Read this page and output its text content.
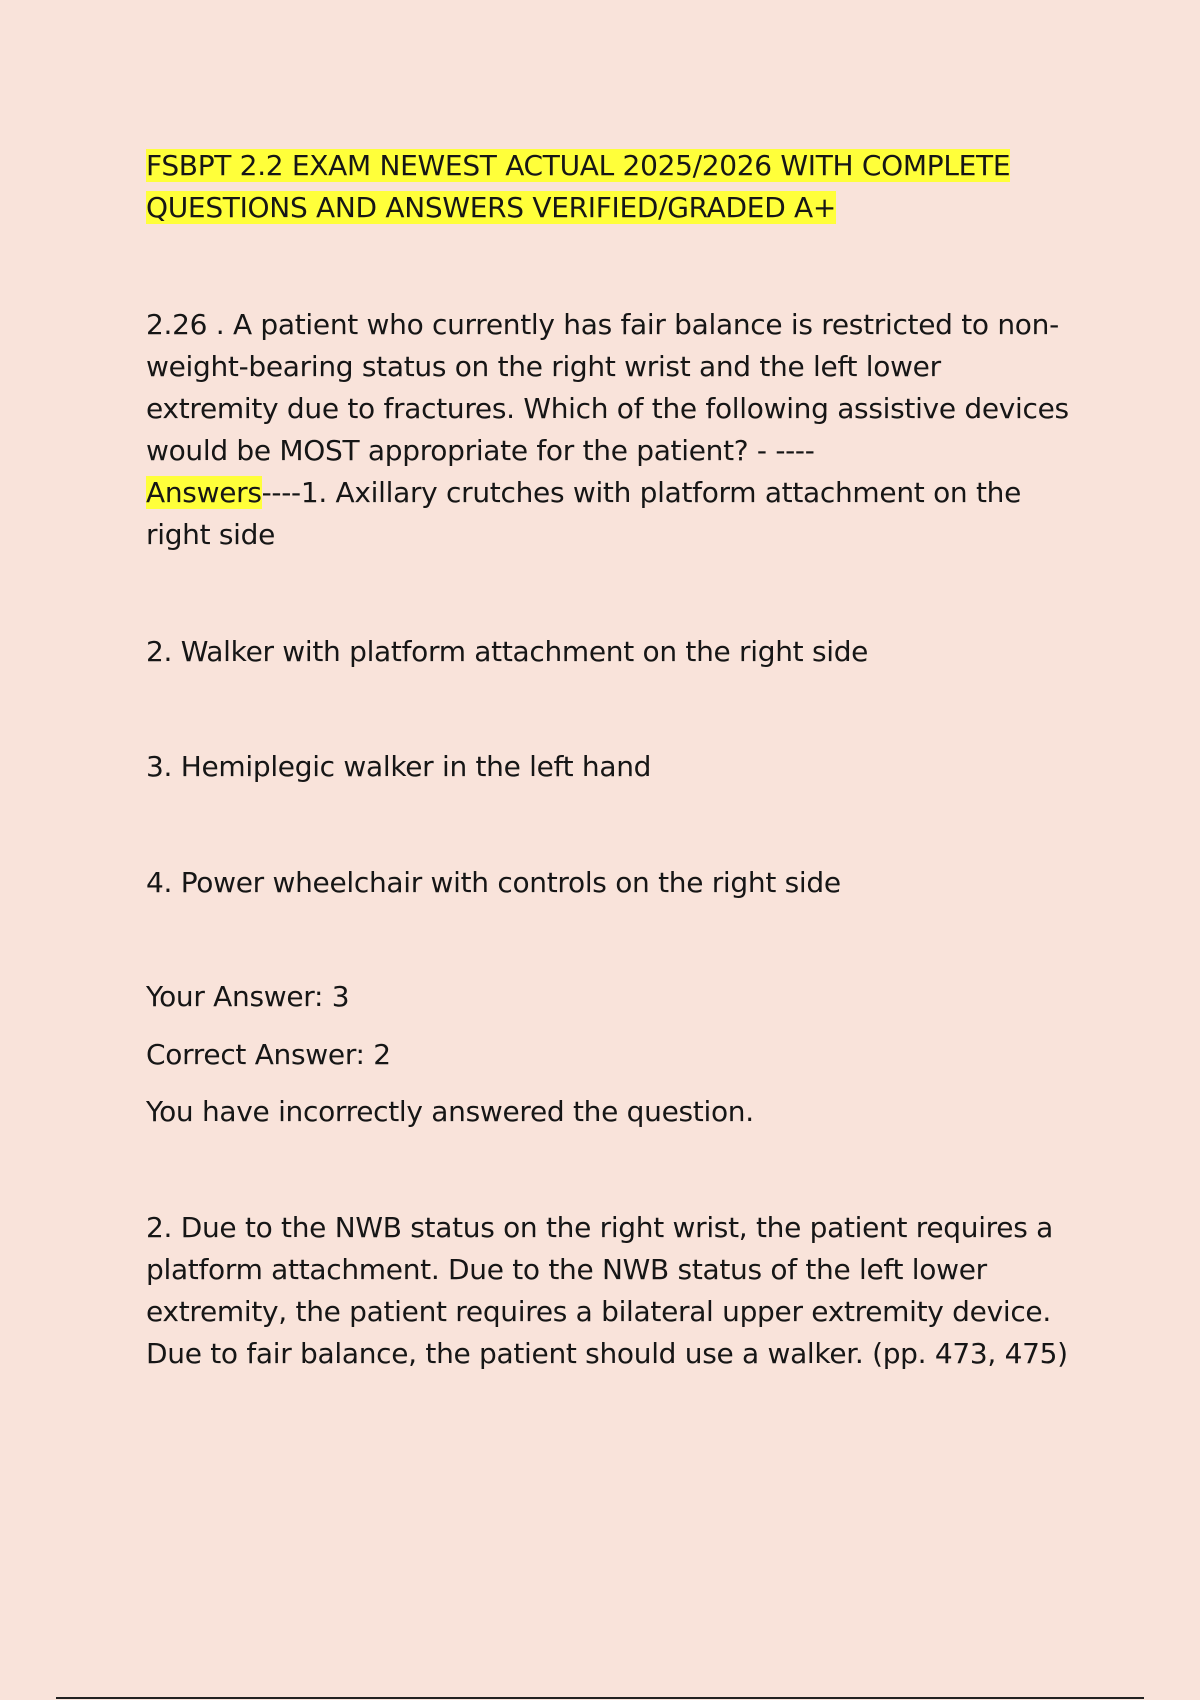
FSBPT 2.2 EXAM NEWEST ACTUAL 2025/2026 WITH COMPLETE
QUESTIONS AND ANSWERS VERIFIED/GRADED A+
2.26 . A patient who currently has fair balance is restricted to non-weight-bearing status on the right wrist and the left lower extremity due to fractures. Which of the following assistive devices would be MOST appropriate for the patient? - ----
Answers----1. Axillary crutches with platform attachment on the right side
2. Walker with platform attachment on the right side
3. Hemiplegic walker in the left hand
4. Power wheelchair with controls on the right side
Your Answer: 3
Correct Answer: 2
You have incorrectly answered the question.
2. Due to the NWB status on the right wrist, the patient requires a platform attachment. Due to the NWB status of the left lower extremity, the patient requires a bilateral upper extremity device. Due to fair balance, the patient should use a walker. (pp. 473, 475)
